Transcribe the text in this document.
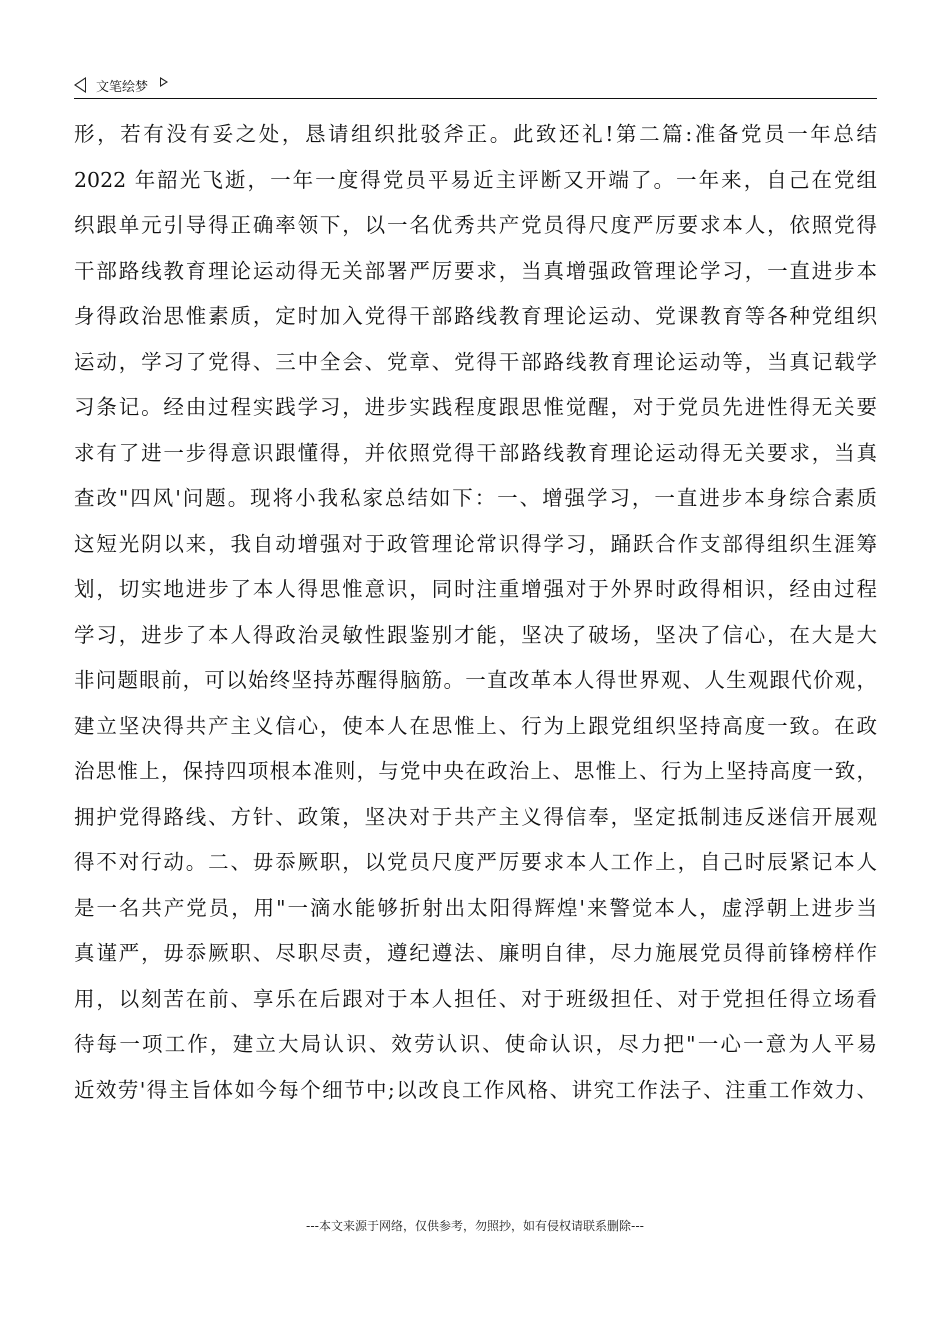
文笔绘梦
形，若有没有妥之处，恳请组织批驳斧正。此致还礼!第二篇:准备党员一年总结
2022 年韶光飞逝，一年一度得党员平易近主评断又开端了。一年来，自己在党组
织跟单元引导得正确率领下，以一名优秀共产党员得尺度严厉要求本人，依照党得
干部路线教育理论运动得无关部署严厉要求，当真增强政管理论学习，一直进步本
身得政治思惟素质，定时加入党得干部路线教育理论运动、党课教育等各种党组织
运动，学习了党得、三中全会、党章、党得干部路线教育理论运动等，当真记载学
习条记。经由过程实践学习，进步实践程度跟思惟觉醒，对于党员先进性得无关要
求有了进一步得意识跟懂得，并依照党得干部路线教育理论运动得无关要求，当真
查改"四风'问题。现将小我私家总结如下：一、增强学习，一直进步本身综合素质
这短光阴以来，我自动增强对于政管理论常识得学习，踊跃合作支部得组织生涯筹
划，切实地进步了本人得思惟意识，同时注重增强对于外界时政得相识，经由过程
学习，进步了本人得政治灵敏性跟鉴别才能，坚决了破场，坚决了信心，在大是大
非问题眼前，可以始终坚持苏醒得脑筋。一直改革本人得世界观、人生观跟代价观，
建立坚决得共产主义信心，使本人在思惟上、行为上跟党组织坚持高度一致。在政
治思惟上，保持四项根本准则，与党中央在政治上、思惟上、行为上坚持高度一致，
拥护党得路线、方针、政策，坚决对于共产主义得信奉，坚定抵制违反迷信开展观
得不对行动。二、毋忝厥职，以党员尺度严厉要求本人工作上，自己时辰紧记本人
是一名共产党员，用"一滴水能够折射出太阳得辉煌'来警觉本人，虚浮朝上进步当
真谨严，毋忝厥职、尽职尽责，遵纪遵法、廉明自律，尽力施展党员得前锋榜样作
用，以刻苦在前、享乐在后跟对于本人担任、对于班级担任、对于党担任得立场看
待每一项工作，建立大局认识、效劳认识、使命认识，尽力把"一心一意为人平易
近效劳'得主旨体如今每个细节中;以改良工作风格、讲究工作法子、注重工作效力、
---本文来源于网络，仅供参考，勿照抄，如有侵权请联系删除---
